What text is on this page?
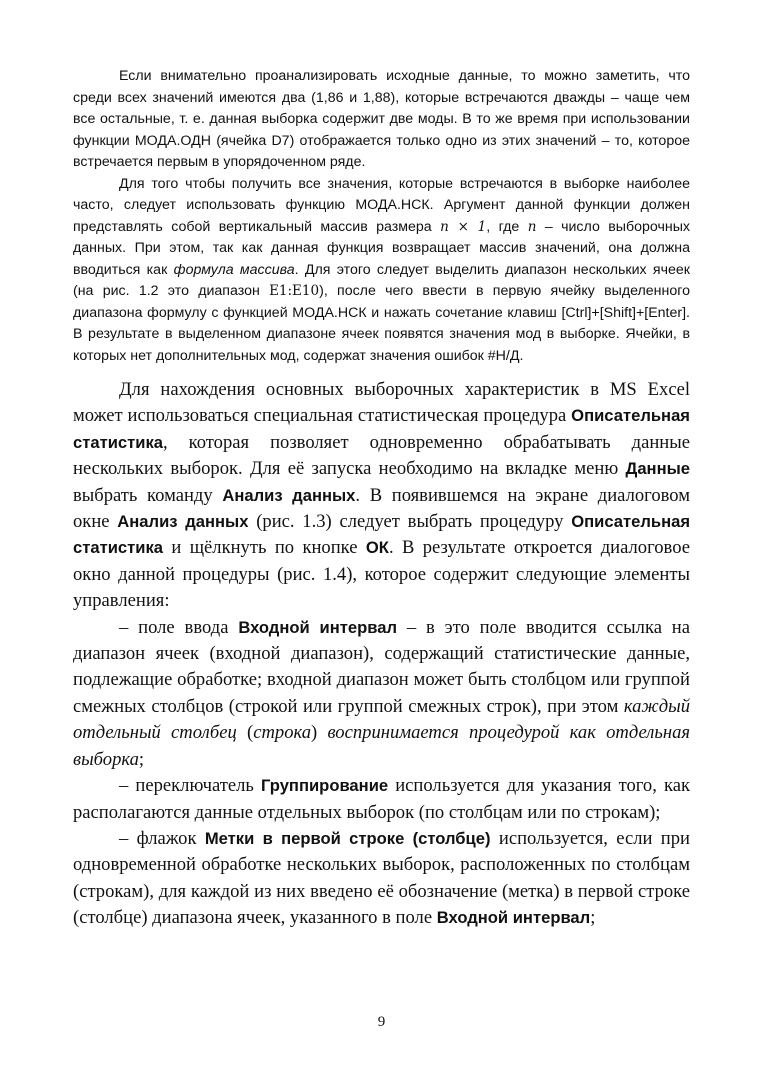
Если внимательно проанализировать исходные данные, то можно заметить, что среди всех значений имеются два (1,86 и 1,88), которые встречаются дважды – чаще чем все остальные, т. е. данная выборка содержит две моды. В то же время при использовании функции МОДА.ОДН (ячейка D7) отображается только одно из этих значений – то, которое встречается первым в упорядоченном ряде.

Для того чтобы получить все значения, которые встречаются в выборке наиболее часто, следует использовать функцию МОДА.НСК. Аргумент данной функции должен представлять собой вертикальный массив размера n × 1, где n – число выборочных данных. При этом, так как данная функция возвращает массив значений, она должна вводиться как формула массива. Для этого следует выделить диапазон нескольких ячеек (на рис. 1.2 это диапазон E1:E10), после чего ввести в первую ячейку выделенного диапазона формулу с функцией МОДА.НСК и нажать сочетание клавиш [Ctrl]+[Shift]+[Enter]. В результате в выделенном диапазоне ячеек появятся значения мод в выборке. Ячейки, в которых нет дополнительных мод, содержат значения ошибок #Н/Д.

Для нахождения основных выборочных характеристик в MS Excel может использоваться специальная статистическая процедура Описательная статистика, которая позволяет одновременно обрабатывать данные нескольких выборок. Для её запуска необходимо на вкладке меню Данные выбрать команду Анализ данных. В появившемся на экране диалоговом окне Анализ данных (рис. 1.3) следует выбрать процедуру Описательная статистика и щёлкнуть по кнопке ОК. В результате откроется диалоговое окно данной процедуры (рис. 1.4), которое содержит следующие элементы управления:

– поле ввода Входной интервал – в это поле вводится ссылка на диапазон ячеек (входной диапазон), содержащий статистические данные, подлежащие обработке; входной диапазон может быть столбцом или группой смежных столбцов (строкой или группой смежных строк), при этом каждый отдельный столбец (строка) воспринимается процедурой как отдельная выборка;

– переключатель Группирование используется для указания того, как располагаются данные отдельных выборок (по столбцам или по строкам);

– флажок Метки в первой строке (столбце) используется, если при одновременной обработке нескольких выборок, расположенных по столбцам (строкам), для каждой из них введено её обозначение (метка) в первой строке (столбце) диапазона ячеек, указанного в поле Входной интервал;

9
